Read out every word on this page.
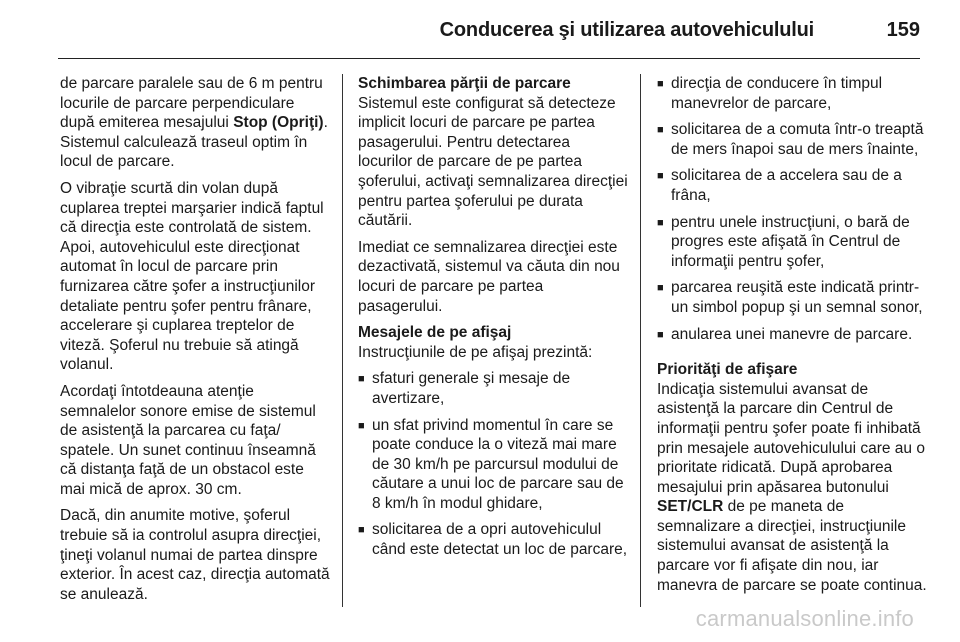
Conducerea şi utilizarea autovehiculului	159

de parcare paralele sau de 6 m pentru locurile de parcare perpendiculare după emiterea mesajului Stop (Opriţi). Sistemul calculează traseul optim în locul de parcare.

O vibraţie scurtă din volan după cuplarea treptei marşarier indică faptul că direcţia este controlată de sistem. Apoi, autovehiculul este direcţionat automat în locul de parcare prin furnizarea către şofer a instrucţiunilor detaliate pentru şofer pentru frânare, accelerare şi cuplarea treptelor de viteză. Şoferul nu trebuie să atingă volanul.

Acordaţi întotdeauna atenţie semnalelor sonore emise de sistemul de asistenţă la parcarea cu faţa/ spatele. Un sunet continuu înseamnă că distanţa faţă de un obstacol este mai mică de aprox. 30 cm.

Dacă, din anumite motive, şoferul trebuie să ia controlul asupra direcţiei, ţineţi volanul numai de partea dinspre exterior. În acest caz, direcţia automată se anulează.

Schimbarea părţii de parcare

Sistemul este configurat să detecteze implicit locuri de parcare pe partea pasagerului. Pentru detectarea locurilor de parcare de pe partea şoferului, activaţi semnalizarea direcţiei pentru partea şoferului pe durata căutării.

Imediat ce semnalizarea direcţiei este dezactivată, sistemul va căuta din nou locuri de parcare pe partea pasagerului.

Mesajele de pe afişaj

Instrucţiunile de pe afişaj prezintă:

■ sfaturi generale şi mesaje de avertizare,
■ un sfat privind momentul în care se poate conduce la o viteză mai mare de 30 km/h pe parcursul modului de căutare a unui loc de parcare sau de 8 km/h în modul ghidare,
■ solicitarea de a opri autovehiculul când este detectat un loc de parcare,
■ direcţia de conducere în timpul manevrelor de parcare,
■ solicitarea de a comuta într-o treaptă de mers înapoi sau de mers înainte,
■ solicitarea de a accelera sau de a frâna,
■ pentru unele instrucţiuni, o bară de progres este afişată în Centrul de informaţii pentru şofer,
■ parcarea reuşită este indicată printr-un simbol popup şi un semnal sonor,
■ anularea unei manevre de parcare.
Priorităţi de afişare

Indicaţia sistemului avansat de asistenţă la parcare din Centrul de informaţii pentru şofer poate fi inhibată prin mesajele autovehiculului care au o prioritate ridicată. După aprobarea mesajului prin apăsarea butonului SET/CLR de pe maneta de semnalizare a direcţiei, instrucţiunile sistemului avansat de asistenţă la parcare vor fi afişate din nou, iar manevra de parcare se poate continua.

carmanualsonline.info
